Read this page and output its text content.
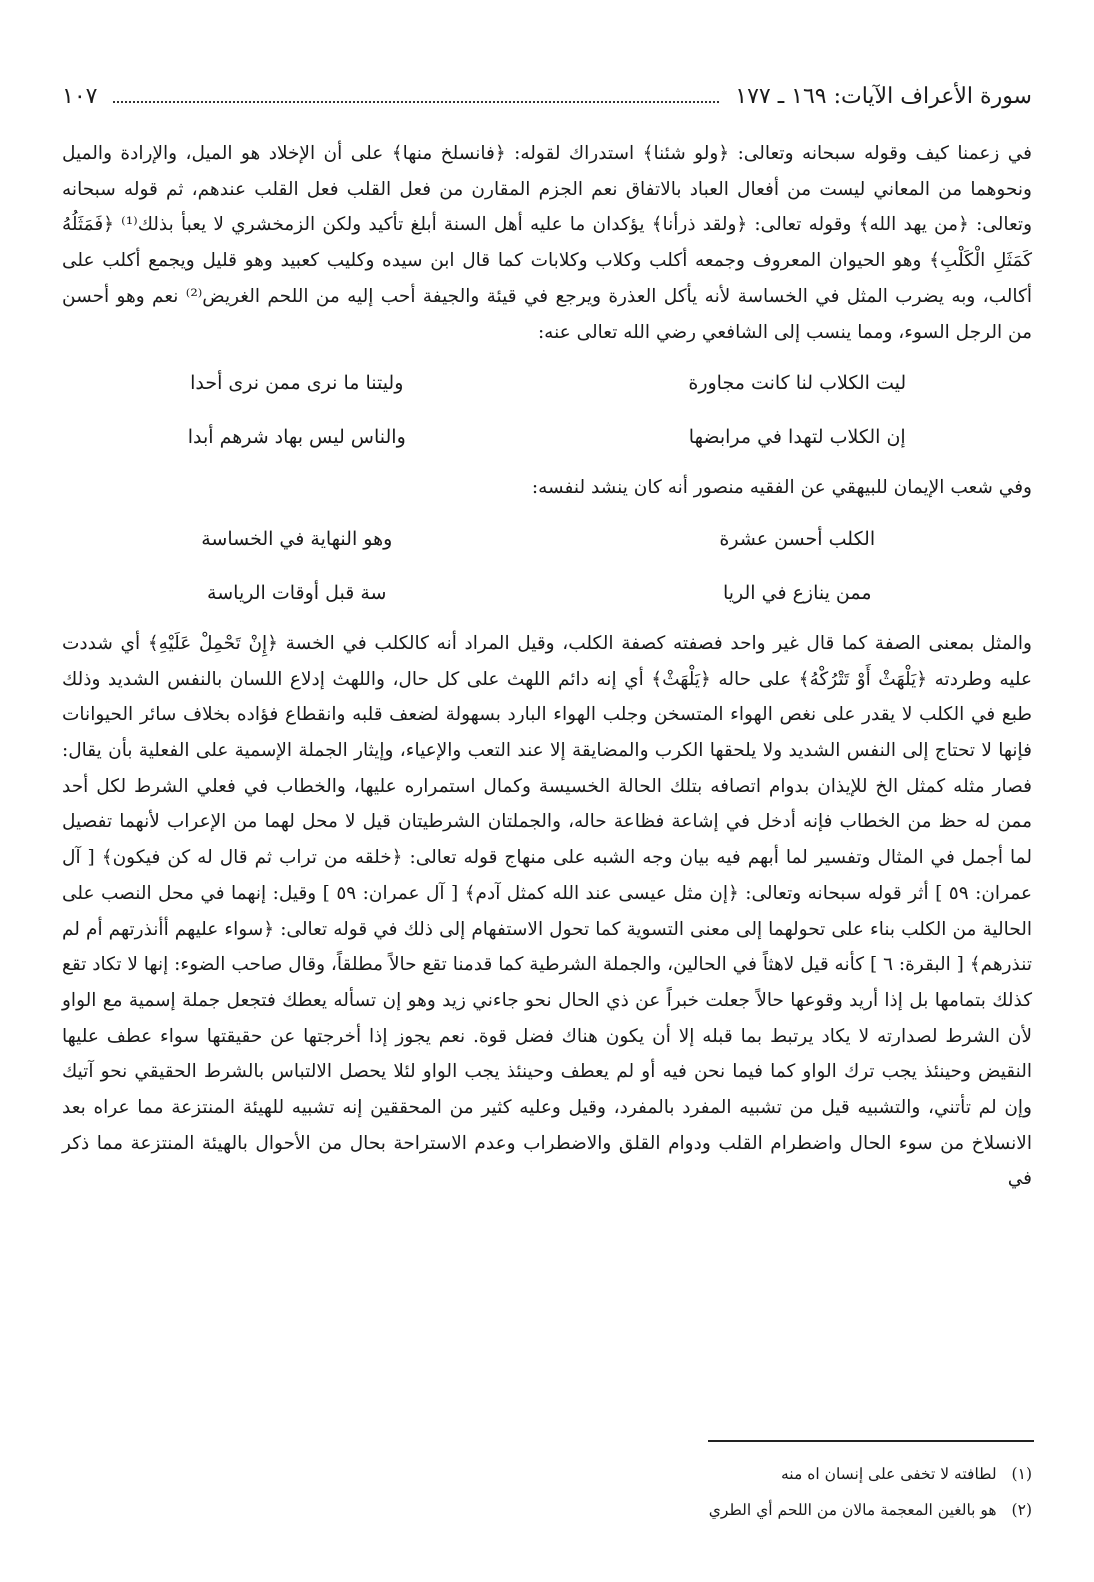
سورة الأعراف الآيات: ١٦٩ ـ ١٧٧
١٠٧

في زعمنا كيف وقوله سبحانه وتعالى: ﴿ولو شئنا﴾ استدراك لقوله: ﴿فانسلخ منها﴾ على أن الإخلاد هو الميل، والإرادة والميل ونحوهما من المعاني ليست من أفعال العباد بالاتفاق نعم الجزم المقارن من فعل القلب فعل القلب عندهم، ثم قوله سبحانه وتعالى: ﴿من يهد الله﴾ وقوله تعالى: ﴿ولقد ذرأنا﴾ يؤكدان ما عليه أهل السنة أبلغ تأكيد ولكن الزمخشري لا يعبأ بذلك⁽¹⁾ ﴿فَمَثَلُهُ كَمَثَلِ الْكَلْبِ﴾ وهو الحيوان المعروف وجمعه أكلب وكلاب وكلابات كما قال ابن سيده وكليب كعبيد وهو قليل ويجمع أكلب على أكالب، وبه يضرب المثل في الخساسة لأنه يأكل العذرة ويرجع في قيئة والجيفة أحب إليه من اللحم الغريض⁽²⁾ نعم وهو أحسن من الرجل السوء، ومما ينسب إلى الشافعي رضي الله تعالى عنه:

ليت الكلاب لنا كانت مجاورة
وليتنا ما نرى ممن نرى أحدا
إن الكلاب لتهدا في مرابضها
والناس ليس بهاد شرهم أبدا

وفي شعب الإيمان للبيهقي عن الفقيه منصور أنه كان ينشد لنفسه:

الكلب أحسن عشرة
وهو النهاية في الخساسة
ممن ينازع في الريا
سة قبل أوقات الرياسة

والمثل بمعنى الصفة كما قال غير واحد فصفته كصفة الكلب، وقيل المراد أنه كالكلب في الخسة ﴿إِنْ تَحْمِلْ عَلَيْهِ﴾ أي شددت عليه وطردته ﴿يَلْهَثْ أَوْ تَتْرُكْهُ﴾ على حاله ﴿يَلْهَثْ﴾ أي إنه دائم اللهث على كل حال، واللهث إدلاع اللسان بالنفس الشديد وذلك طبع في الكلب لا يقدر على نغص الهواء المتسخن وجلب الهواء البارد بسهولة لضعف قلبه وانقطاع فؤاده بخلاف سائر الحيوانات فإنها لا تحتاج إلى النفس الشديد ولا يلحقها الكرب والمضايقة إلا عند التعب والإعياء، وإيثار الجملة الإسمية على الفعلية بأن يقال: فصار مثله كمثل الخ للإيذان بدوام اتصافه بتلك الحالة الخسيسة وكمال استمراره عليها، والخطاب في فعلي الشرط لكل أحد ممن له حظ من الخطاب فإنه أدخل في إشاعة فظاعة حاله، والجملتان الشرطيتان قيل لا محل لهما من الإعراب لأنهما تفصيل لما أجمل في المثال وتفسير لما أبهم فيه بيان وجه الشبه على منهاج قوله تعالى: ﴿خلقه من تراب ثم قال له كن فيكون﴾ [ آل عمران: ٥٩ ] أثر قوله سبحانه وتعالى: ﴿إن مثل عيسى عند الله كمثل آدم﴾ [ آل عمران: ٥٩ ] وقيل: إنهما في محل النصب على الحالية من الكلب بناء على تحولهما إلى معنى التسوية كما تحول الاستفهام إلى ذلك في قوله تعالى: ﴿سواء عليهم أأنذرتهم أم لم تنذرهم﴾ [ البقرة: ٦ ] كأنه قيل لاهثاً في الحالين، والجملة الشرطية كما قدمنا تقع حالاً مطلقاً، وقال صاحب الضوء: إنها لا تكاد تقع كذلك بتمامها بل إذا أريد وقوعها حالاً جعلت خبراً عن ذي الحال نحو جاءني زيد وهو إن تسأله يعطك فتجعل جملة إسمية مع الواو لأن الشرط لصدارته لا يكاد يرتبط بما قبله إلا أن يكون هناك فضل قوة. نعم يجوز إذا أخرجتها عن حقيقتها سواء عطف عليها النقيض وحينئذ يجب ترك الواو كما فيما نحن فيه أو لم يعطف وحينئذ يجب الواو لئلا يحصل الالتباس بالشرط الحقيقي نحو آتيك وإن لم تأتني، والتشبيه قيل من تشبيه المفرد بالمفرد، وقيل وعليه كثير من المحققين إنه تشبيه للهيئة المنتزعة مما عراه بعد الانسلاخ من سوء الحال واضطرام القلب ودوام القلق والاضطراب وعدم الاستراحة بحال من الأحوال بالهيئة المنتزعة مما ذكر في

(١) لطافته لا تخفى على إنسان اه منه
(٢) هو بالغين المعجمة مالان من اللحم أي الطري
